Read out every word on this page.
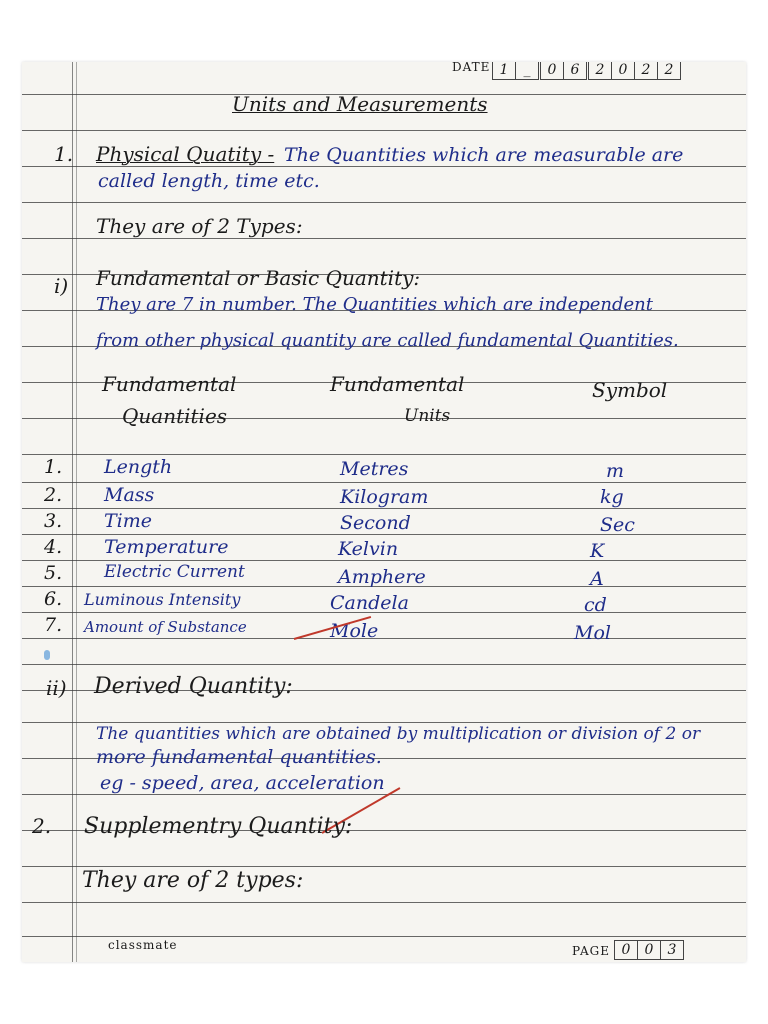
DATE 1	_	0	6	2	0	2	2
Units and Measurements
1. Physical Quatity - The Quantities which are measurable are
called length, time etc.
They are of 2 Types:
i) Fundamental or Basic Quantity:
They are 7 in number. The Quantities which are independent
from other physical quantity are called fundamental Quantities.
Fundamental
Quantities
Fundamental
Units
Symbol
1. Length	Metres	m
2. Mass	Kilogram	kg
3. Time	Second	Sec
4. Temperature	Kelvin	K
5. Electric Current	Amphere	A
6. Luminous Intensity	Candela	cd
7. Amount of Substance	Mole	Mol
ii) Derived Quantity:
The quantities which are obtained by multiplication or division of 2 or
more fundamental quantities.
eg - speed, area, acceleration
2. Supplementry Quantity:
They are of 2 types:
classmate	PAGE 0	0	3
